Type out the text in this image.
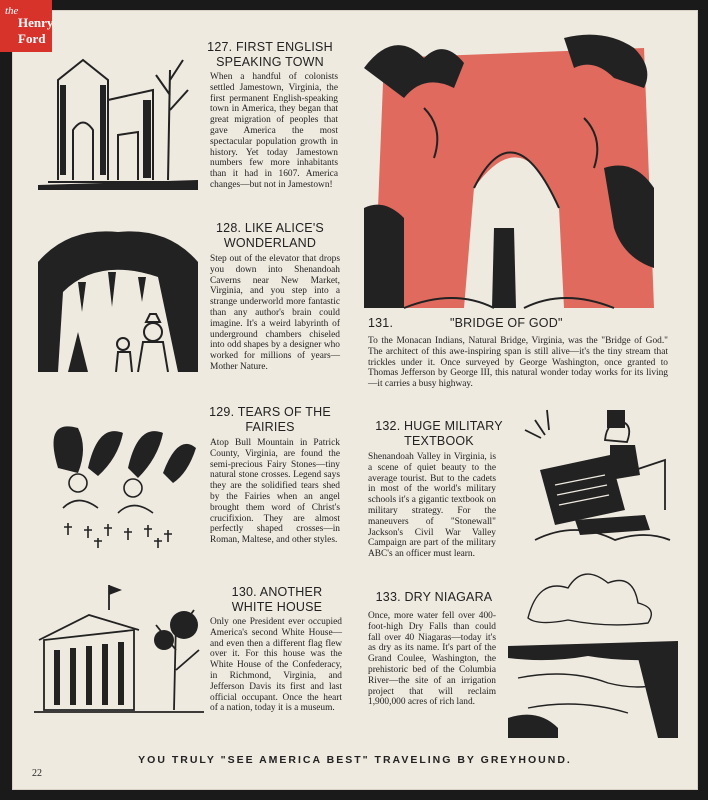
127. FIRST ENGLISH
SPEAKING TOWN
When a handful of colonists settled Jamestown, Virginia, the first permanent English-speaking town in America, they began that great migration of peoples that gave America the most spectacular population growth in history. Yet today Jamestown numbers few more inhabitants than it had in 1607. America changes—but not in Jamestown!
128. LIKE ALICE'S
WONDERLAND
Step out of the elevator that drops you down into Shenandoah Caverns near New Market, Virginia, and you step into a strange underworld more fantastic than any author's brain could imagine. It's a weird labyrinth of underground chambers chiseled into odd shapes by a designer who worked for millions of years—Mother Nature.
129. TEARS OF THE
FAIRIES
Atop Bull Mountain in Patrick County, Virginia, are found the semi-precious Fairy Stones—tiny natural stone crosses. Legend says they are the solidified tears shed by the Fairies when an angel brought them word of Christ's crucifixion. They are almost perfectly shaped crosses—in Roman, Maltese, and other styles.
130. ANOTHER
WHITE HOUSE
Only one President ever occupied America's second White House—and even then a different flag flew over it. For this house was the White House of the Confederacy, in Richmond, Virginia, and Jefferson Davis its first and last official occupant. Once the heart of a nation, today it is a museum.
131.	"BRIDGE OF GOD"
To the Monacan Indians, Natural Bridge, Virginia, was the "Bridge of God." The architect of this awe-inspiring span is still alive—it's the tiny stream that trickles under it. Once surveyed by George Washington, once granted to Thomas Jefferson by George III, this natural wonder today works for its living—it carries a busy highway.
132. HUGE MILITARY
TEXTBOOK
Shenandoah Valley in Virginia, is a scene of quiet beauty to the average tourist. But to the cadets in most of the world's military schools it's a gigantic textbook on military strategy. For the maneuvers of "Stonewall" Jackson's Civil War Valley Campaign are part of the military ABC's an officer must learn.
133. DRY NIAGARA
Once, more water fell over 400-foot-high Dry Falls than could fall over 40 Niagaras—today it's as dry as its name. It's part of the Grand Coulee, Washington, the prehistoric bed of the Columbia River—the site of an irrigation project that will reclaim 1,900,000 acres of rich land.
YOU TRULY "SEE AMERICA BEST" TRAVELING BY GREYHOUND.
22
the
Henry
Ford
